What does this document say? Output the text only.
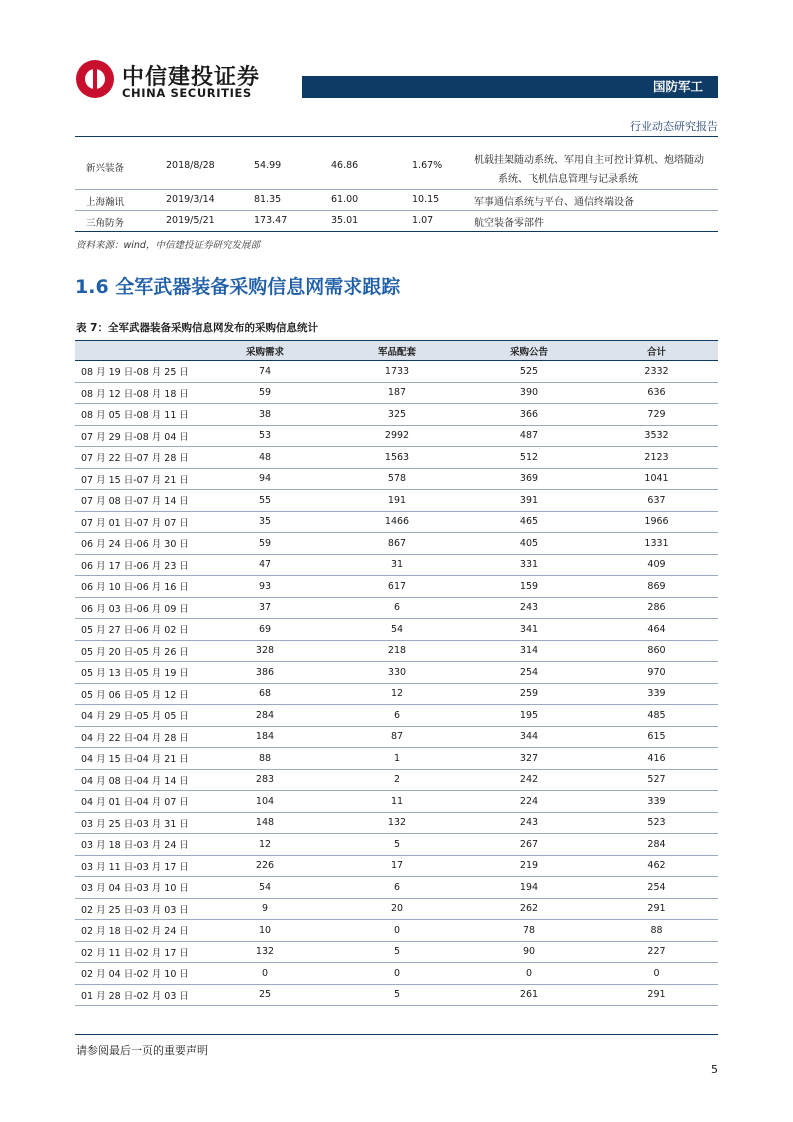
中信建投证券
CHINA SECURITIES	国防军工
行业动态研究报告
新兴装备	2018/8/28	54.99	46.86	1.67%	机载挂架随动系统、军用自主可控计算机、炮塔随动
系统、飞机信息管理与记录系统
上海瀚讯	2019/3/14	81.35	61.00	10.15	军事通信系统与平台、通信终端设备
三角防务	2019/5/21	173.47	35.01	1.07	航空装备零部件
资料来源：wind，中信建投证券研究发展部
1.6 全军武器装备采购信息网需求跟踪
表 7：全军武器装备采购信息网发布的采购信息统计
	采购需求	军品配套	采购公告	合计
08 月 19 日-08 月 25 日	74	1733	525	2332
08 月 12 日-08 月 18 日	59	187	390	636
08 月 05 日-08 月 11 日	38	325	366	729
07 月 29 日-08 月 04 日	53	2992	487	3532
07 月 22 日-07 月 28 日	48	1563	512	2123
07 月 15 日-07 月 21 日	94	578	369	1041
07 月 08 日-07 月 14 日	55	191	391	637
07 月 01 日-07 月 07 日	35	1466	465	1966
06 月 24 日-06 月 30 日	59	867	405	1331
06 月 17 日-06 月 23 日	47	31	331	409
06 月 10 日-06 月 16 日	93	617	159	869
06 月 03 日-06 月 09 日	37	6	243	286
05 月 27 日-06 月 02 日	69	54	341	464
05 月 20 日-05 月 26 日	328	218	314	860
05 月 13 日-05 月 19 日	386	330	254	970
05 月 06 日-05 月 12 日	68	12	259	339
04 月 29 日-05 月 05 日	284	6	195	485
04 月 22 日-04 月 28 日	184	87	344	615
04 月 15 日-04 月 21 日	88	1	327	416
04 月 08 日-04 月 14 日	283	2	242	527
04 月 01 日-04 月 07 日	104	11	224	339
03 月 25 日-03 月 31 日	148	132	243	523
03 月 18 日-03 月 24 日	12	5	267	284
03 月 11 日-03 月 17 日	226	17	219	462
03 月 04 日-03 月 10 日	54	6	194	254
02 月 25 日-03 月 03 日	9	20	262	291
02 月 18 日-02 月 24 日	10	0	78	88
02 月 11 日-02 月 17 日	132	5	90	227
02 月 04 日-02 月 10 日	0	0	0	0
01 月 28 日-02 月 03 日	25	5	261	291
请参阅最后一页的重要声明
5
